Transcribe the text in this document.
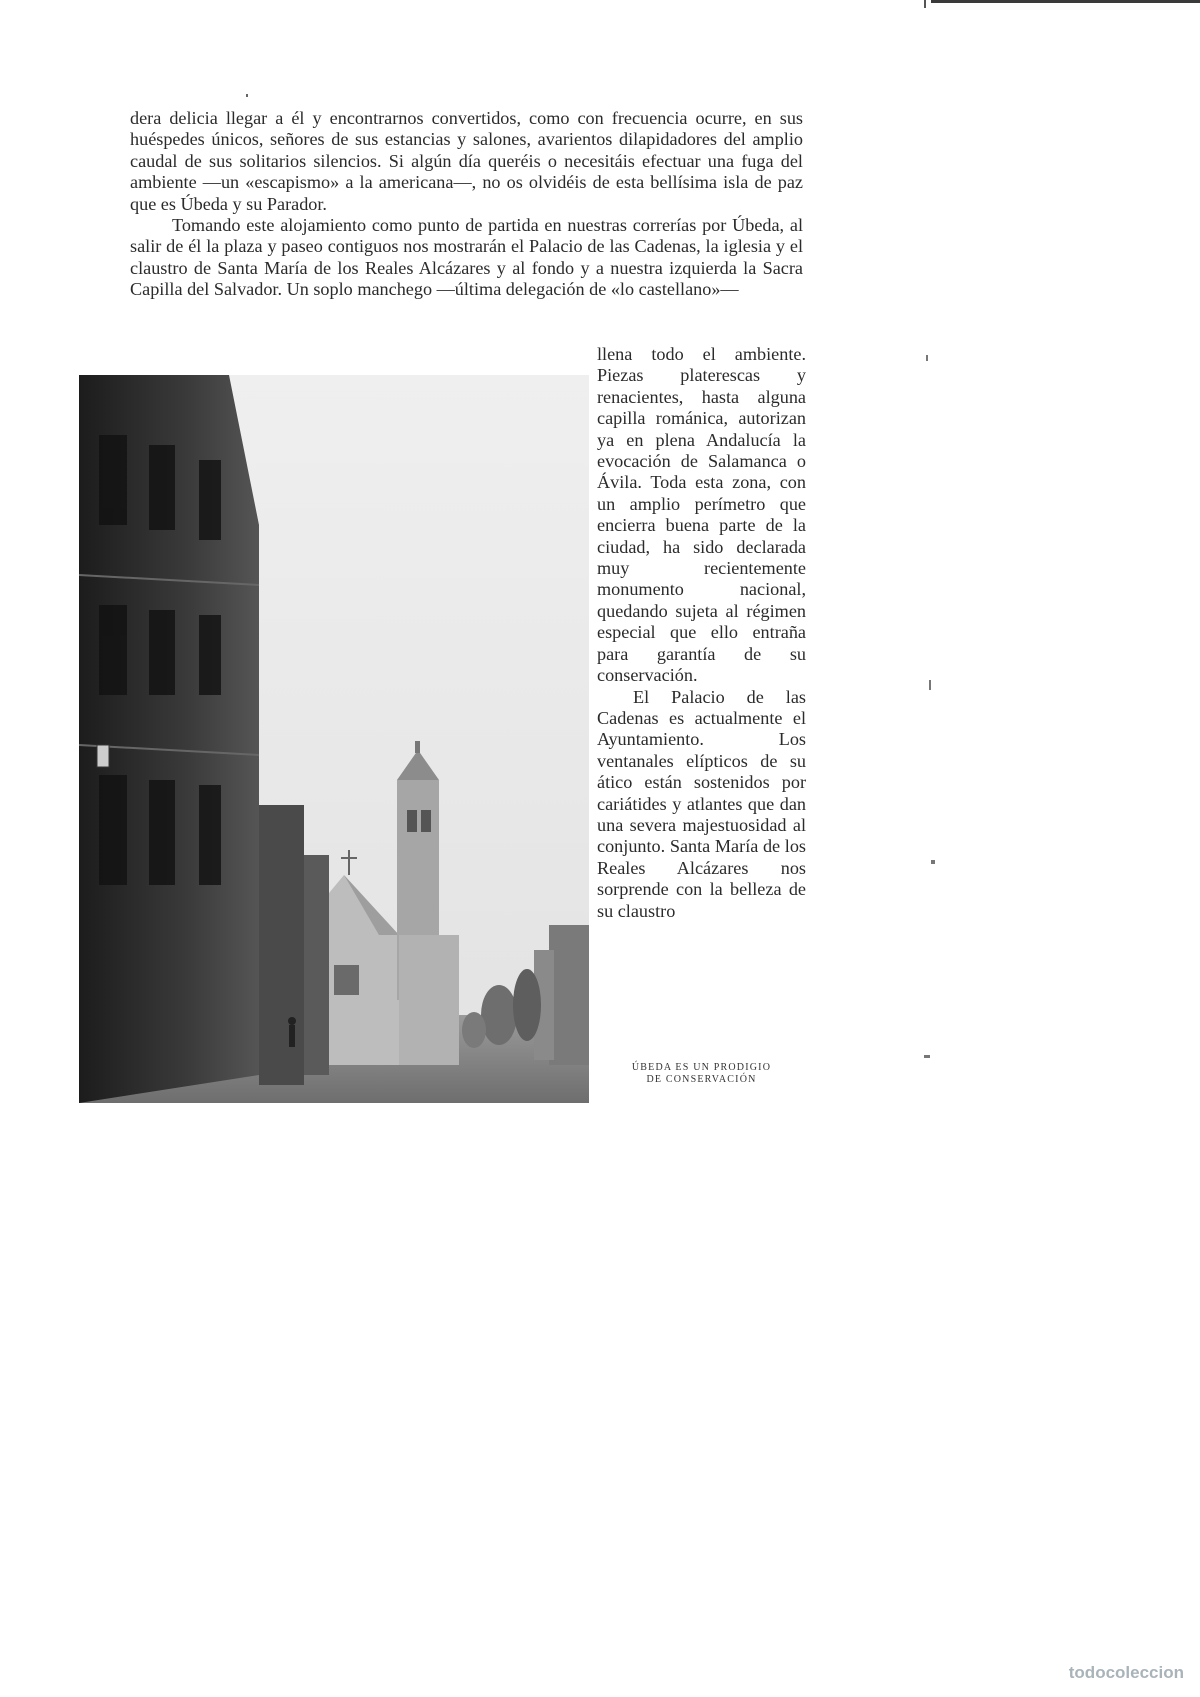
dera delicia llegar a él y encontrarnos convertidos, como con frecuencia ocurre, en sus huéspedes únicos, señores de sus estancias y salones, avarientos dilapidadores del amplio caudal de sus solitarios silencios. Si algún día queréis o necesitáis efectuar una fuga del ambiente —un «escapismo» a la americana—, no os olvidéis de esta bellísima isla de paz que es Úbeda y su Parador.

Tomando este alojamiento como punto de partida en nuestras correrías por Úbeda, al salir de él la plaza y paseo contiguos nos mostrarán el Palacio de las Cadenas, la iglesia y el claustro de Santa María de los Reales Alcázares y al fondo y a nuestra izquierda la Sacra Capilla del Salvador. Un soplo manchego —última delegación de «lo castellano»—

llena todo el ambiente. Piezas platerescas y renacientes, hasta alguna capilla románica, autorizan ya en plena Andalucía la evocación de Salamanca o Ávila. Toda esta zona, con un amplio perímetro que encierra buena parte de la ciudad, ha sido declarada muy recientemente monumento nacional, quedando sujeta al régimen especial que ello entraña para garantía de su conservación.

El Palacio de las Cadenas es actualmente el Ayuntamiento. Los ventanales elípticos de su ático están sostenidos por cariátides y atlantes que dan una severa majestuosidad al conjunto. Santa María de los Reales Alcázares nos sorprende con la belleza de su claustro

ÚBEDA ES UN PRODIGIO
DE CONSERVACIÓN
todocoleccion
